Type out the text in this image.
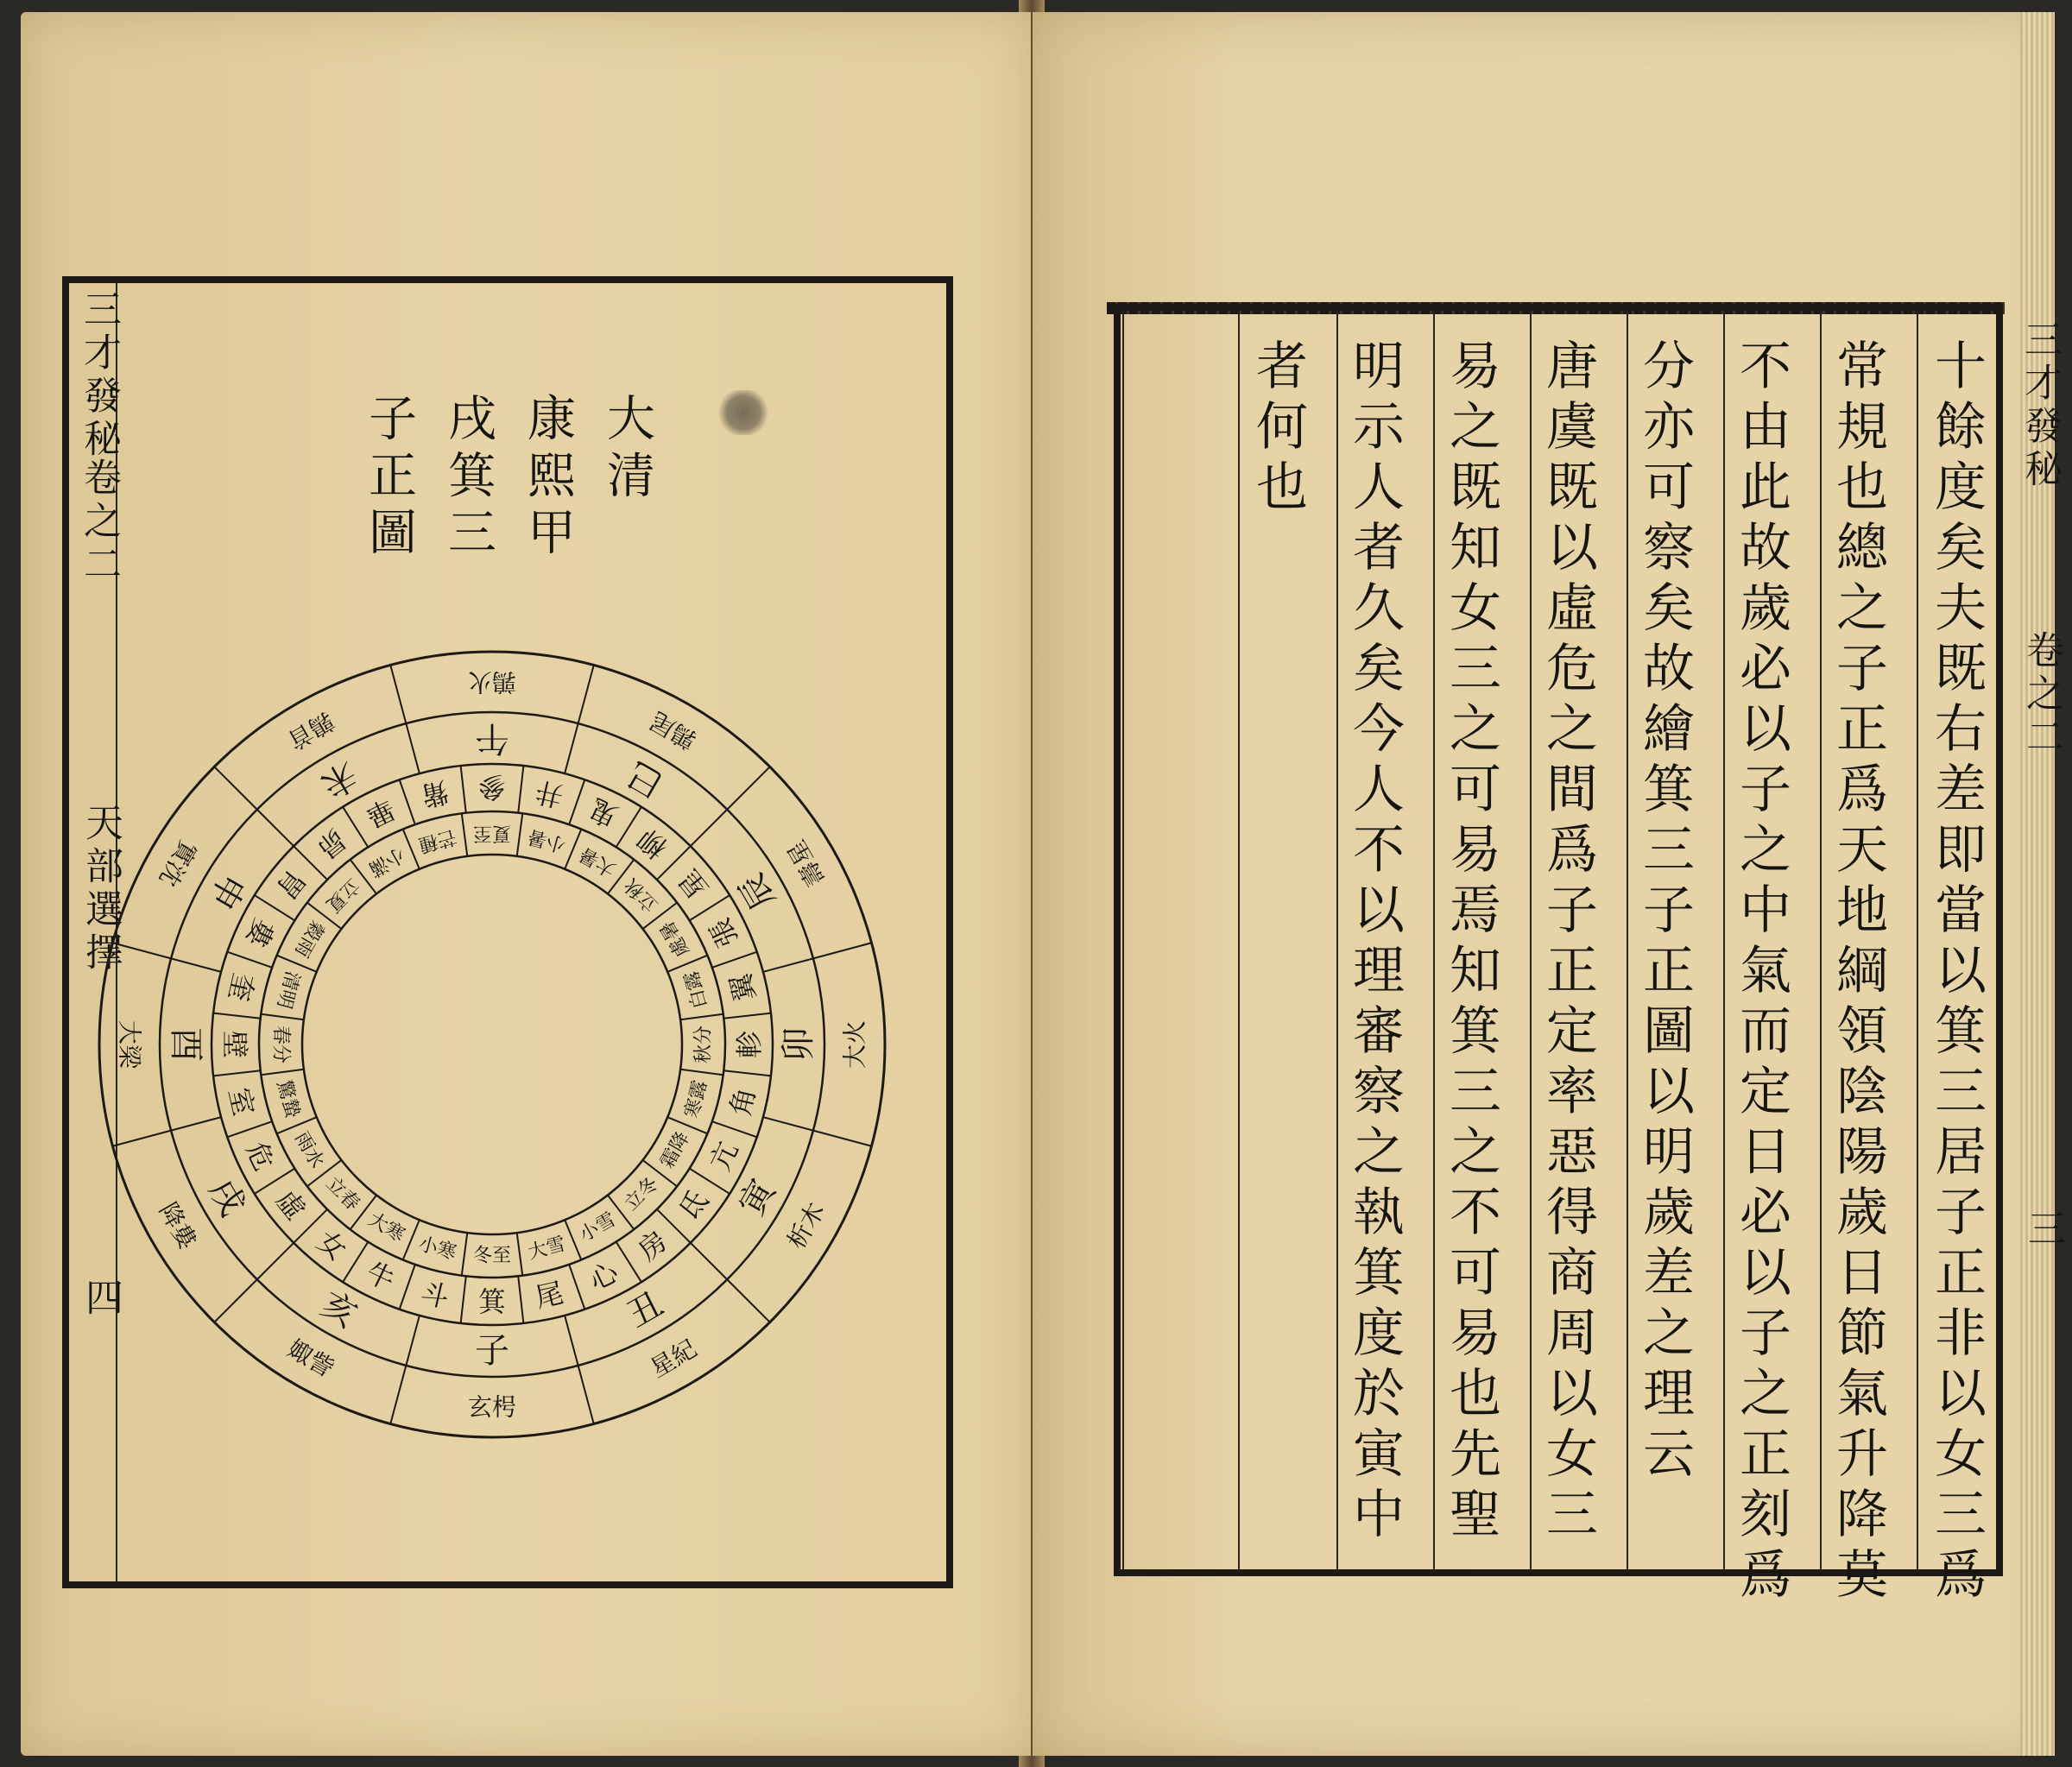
三才發秘
卷之二
天部選擇
四
大清
康熙甲
戌箕三
子正圖
玄枵
星紀
析木
大火
壽星
鶉尾
鶉火
鶉首
實沈
大梁
降婁
娵訾	子
丑
寅
卯
辰
巳
午
未
申
酉
戌
亥	箕 尾 心
房
氐
亢
角
軫
翼
張
星
柳
鬼
井
參
觜
畢
昴
胃
婁
奎
壁
室
危
虛
女
牛 斗
冬至 大雪
小雪
立冬
霜降
寒露
秋分
白露
處暑
立秋
大暑
小暑
夏至
芒種
小滿
立夏
穀雨
清明
春分
驚蟄
雨水
立春
大寒
小寒
三才發秘
卷之二
三
十餘度矣夫既右差即當以箕三居子正非以女三爲
常規也總之子正爲天地綱領陰陽歲日節氣升降莫
不由此故歲必以子之中氣而定日必以子之正刻爲
分亦可察矣故繪箕三子正圖以明歲差之理云
唐虞既以虛危之間爲子正定率惡得商周以女三
易之既知女三之可易焉知箕三之不可易也先聖
明示人者久矣今人不以理審察之執箕度於寅中
者何也
